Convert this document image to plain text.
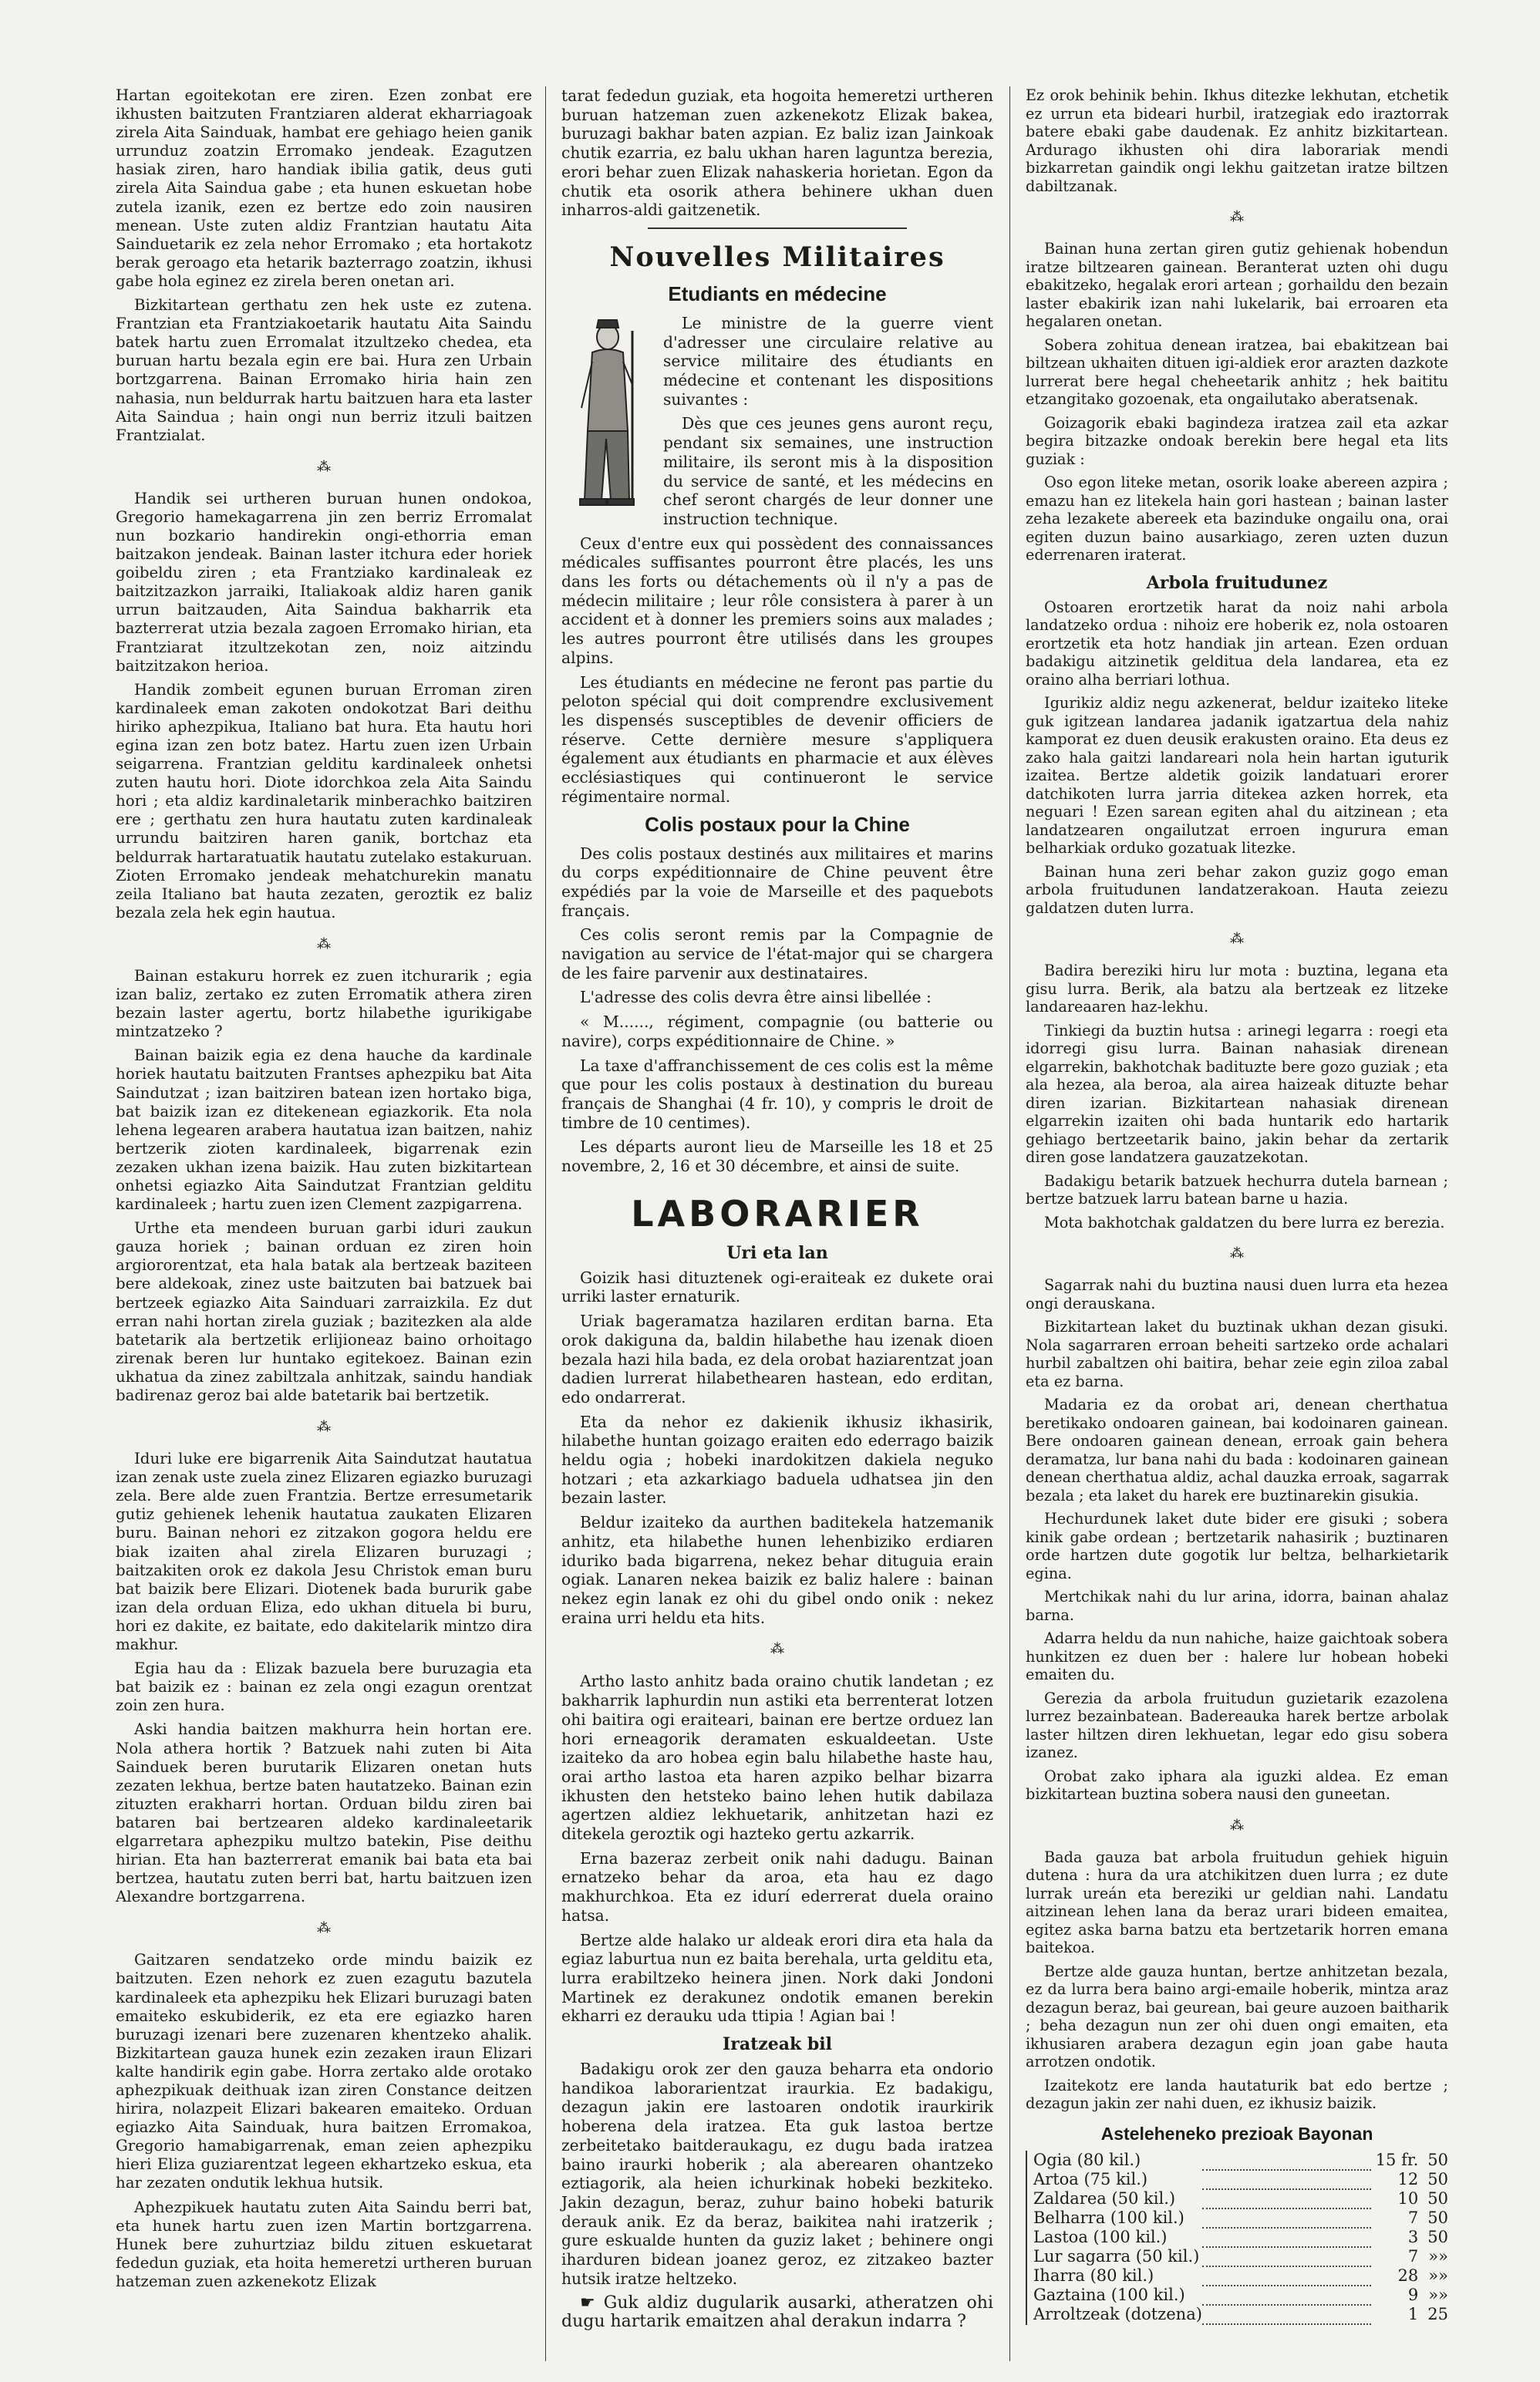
Hartan egoitekotan ere ziren. Ezen zonbat ere ikhusten baitzuten Frantziaren alderat ekharriagoak zirela Aita Sainduak, hambat ere gehiago heien ganik urrunduz zoatzin Erromako jendeak. Ezagutzen hasiak ziren, haro handiak ibilia gatik, deus guti zirela Aita Saindua gabe ; eta hunen eskuetan hobe zutela izanik, ezen ez bertze edo zoin nausiren menean. Uste zuten aldiz Frantzian hautatu Aita Sainduetarik ez zela nehor Erromako ; eta hortakotz berak geroago eta hetarik bazterrago zoatzin, ikhusi gabe hola eginez ez zirela beren onetan ari.

Bizkitartean gerthatu zen hek uste ez zutena. Frantzian eta Frantziakoetarik hautatu Aita Saindu batek hartu zuen Erromalat itzultzeko chedea, eta buruan hartu bezala egin ere bai. Hura zen Urbain bortzgarrena. Bainan Erromako hiria hain zen nahasia, nun beldurrak hartu baitzuen hara eta laster Aita Saindua ; hain ongi nun berriz itzuli baitzen Frantzialat.

⁂

Handik sei urtheren buruan hunen ondokoa, Gregorio hamekagarrena jin zen berriz Erromalat nun bozkario handirekin ongi-ethorria eman baitzakon jendeak. Bainan laster itchura eder horiek goibeldu ziren ; eta Frantziako kardinaleak ez baitzitzazkon jarraiki, Italiakoak aldiz haren ganik urrun baitzauden, Aita Saindua bakharrik eta bazterrerat utzia bezala zagoen Erromako hirian, eta Frantziarat itzultzekotan zen, noiz aitzindu baitzitzakon herioa.

Handik zombeit egunen buruan Erroman ziren kardinaleek eman zakoten ondokotzat Bari deithu hiriko aphezpikua, Italiano bat hura. Eta hautu hori egina izan zen botz batez. Hartu zuen izen Urbain seigarrena. Frantzian gelditu kardinaleek onhetsi zuten hautu hori. Diote idorchkoa zela Aita Saindu hori ; eta aldiz kardinaletarik minberachko baitziren ere ; gerthatu zen hura hautatu zuten kardinaleak urrundu baitziren haren ganik, bortchaz eta beldurrak hartaratuatik hautatu zutelako estakuruan. Zioten Erromako jendeak mehatchurekin manatu zeila Italiano bat hauta zezaten, geroztik ez baliz bezala zela hek egin hautua.

⁂

Bainan estakuru horrek ez zuen itchurarik ; egia izan baliz, zertako ez zuten Erromatik athera ziren bezain laster agertu, bortz hilabethe igurikigabe mintzatzeko ?

Bainan baizik egia ez dena hauche da kardinale horiek hautatu baitzuten Frantses aphezpiku bat Aita Saindutzat ; izan baitziren batean izen hortako biga, bat baizik izan ez ditekenean egiazkorik. Eta nola lehena legearen arabera hautatua izan baitzen, nahiz bertzerik zioten kardinaleek, bigarrenak ezin zezaken ukhan izena baizik. Hau zuten bizkitartean onhetsi egiazko Aita Saindutzat Frantzian gelditu kardinaleek ; hartu zuen izen Clement zazpigarrena.

Urthe eta mendeen buruan garbi iduri zaukun gauza horiek ; bainan orduan ez ziren hoin argiororentzat, eta hala batak ala bertzeak baziteen bere aldekoak, zinez uste baitzuten bai batzuek bai bertzeek egiazko Aita Sainduari zarraizkila. Ez dut erran nahi hortan zirela guziak ; bazitezken ala alde batetarik ala bertzetik erlijioneaz baino orhoitago zirenak beren lur huntako egitekoez. Bainan ezin ukhatua da zinez zabiltzala anhitzak, saindu handiak badirenaz geroz bai alde batetarik bai bertzetik.

⁂

Iduri luke ere bigarrenik Aita Saindutzat hautatua izan zenak uste zuela zinez Elizaren egiazko buruzagi zela. Bere alde zuen Frantzia. Bertze erresumetarik gutiz gehienek lehenik hautatua zaukaten Elizaren buru. Bainan nehori ez zitzakon gogora heldu ere biak izaiten ahal zirela Elizaren buruzagi ; baitzakiten orok ez dakola Jesu Christok eman buru bat baizik bere Elizari. Diotenek bada bururik gabe izan dela orduan Eliza, edo ukhan dituela bi buru, hori ez dakite, ez baitate, edo dakitelarik mintzo dira makhur.

Egia hau da : Elizak bazuela bere buruzagia eta bat baizik ez : bainan ez zela ongi ezagun orentzat zoin zen hura.

Aski handia baitzen makhurra hein hortan ere. Nola athera hortik ? Batzuek nahi zuten bi Aita Sainduek beren burutarik Elizaren onetan huts zezaten lekhua, bertze baten hautatzeko. Bainan ezin zituzten erakharri hortan. Orduan bildu ziren bai bataren bai bertzearen aldeko kardinaleetarik elgarretara aphezpiku multzo batekin, Pise deithu hirian. Eta han bazterrerat emanik bai bata eta bai bertzea, hautatu zuten berri bat, hartu baitzuen izen Alexandre bortzgarrena.

⁂

Gaitzaren sendatzeko orde mindu baizik ez baitzuten. Ezen nehork ez zuen ezagutu bazutela kardinaleek eta aphezpiku hek Elizari buruzagi baten emaiteko eskubiderik, ez eta ere egiazko haren buruzagi izenari bere zuzenaren khentzeko ahalik. Bizkitartean gauza hunek ezin zezaken iraun Elizari kalte handirik egin gabe. Horra zertako alde orotako aphezpikuak deithuak izan ziren Constance deitzen hirira, nolazpeit Elizari bakearen emaiteko. Orduan egiazko Aita Sainduak, hura baitzen Erromakoa, Gregorio hamabigarrenak, eman zeien aphezpiku hieri Eliza guziarentzat legeen ekhartzeko eskua, eta har zezaten ondutik lekhua hutsik.

Aphezpikuek hautatu zuten Aita Saindu berri bat, eta hunek hartu zuen izen Martin bortzgarrena. Hunek bere zuhurtziaz bildu zituen eskuetarat fededun guziak, eta hoita hemeretzi urtheren buruan hatzeman zuen azkenekotz Elizak

tarat fededun guziak, eta hogoita hemeretzi urtheren buruan hatzeman zuen azkenekotz Elizak bakea, buruzagi bakhar baten azpian. Ez baliz izan Jainkoak chutik ezarria, ez balu ukhan haren laguntza berezia, erori behar zuen Elizak nahaskeria horietan. Egon da chutik eta osorik athera behinere ukhan duen inharros-aldi gaitzenetik.

Nouvelles Militaires
Etudiants en médecine

Le ministre de la guerre vient d'adresser une circulaire relative au service militaire des étudiants en médecine et contenant les dispositions suivantes :

Dès que ces jeunes gens auront reçu, pendant six semaines, une instruction militaire, ils seront mis à la disposition du service de santé, et les médecins en chef seront chargés de leur donner une instruction technique.

Ceux d'entre eux qui possèdent des connaissances médicales suffisantes pourront être placés, les uns dans les forts ou détachements où il n'y a pas de médecin militaire ; leur rôle consistera à parer à un accident et à donner les premiers soins aux malades ; les autres pourront être utilisés dans les groupes alpins.

Les étudiants en médecine ne feront pas partie du peloton spécial qui doit comprendre exclusivement les dispensés susceptibles de devenir officiers de réserve. Cette dernière mesure s'appliquera également aux étudiants en pharmacie et aux élèves ecclésiastiques qui continueront le service régimentaire normal.

Colis postaux pour la Chine

Des colis postaux destinés aux militaires et marins du corps expéditionnaire de Chine peuvent être expédiés par la voie de Marseille et des paquebots français.

Ces colis seront remis par la Compagnie de navigation au service de l'état-major qui se chargera de les faire parvenir aux destinataires.

L'adresse des colis devra être ainsi libellée :

« M......, régiment, compagnie (ou batterie ou navire), corps expéditionnaire de Chine. »

La taxe d'affranchissement de ces colis est la même que pour les colis postaux à destination du bureau français de Shanghai (4 fr. 10), y compris le droit de timbre de 10 centimes).

Les départs auront lieu de Marseille les 18 et 25 novembre, 2, 16 et 30 décembre, et ainsi de suite.

LABORARIER
Uri eta lan

Goizik hasi dituztenek ogi-eraiteak ez dukete orai urriki laster ernaturik.

Uriak bageramatza hazilaren erditan barna. Eta orok dakiguna da, baldin hilabethe hau izenak dioen bezala hazi hila bada, ez dela orobat haziarentzat joan dadien lurrerat hilabethearen hastean, edo erditan, edo ondarrerat.

Eta da nehor ez dakienik ikhusiz ikhasirik, hilabethe huntan goizago eraiten edo ederrago baizik heldu ogia ; hobeki inardokitzen dakiela neguko hotzari ; eta azkarkiago baduela udhatsea jin den bezain laster.

Beldur izaiteko da aurthen baditekela hatzemanik anhitz, eta hilabethe hunen lehenbiziko erdiaren iduriko bada bigarrena, nekez behar dituguia erain ogiak. Lanaren nekea baizik ez baliz halere : bainan nekez egin lanak ez ohi du gibel ondo onik : nekez eraina urri heldu eta hits.

⁂

Artho lasto anhitz bada oraino chutik landetan ; ez bakharrik laphurdin nun astiki eta berrenterat lotzen ohi baitira ogi eraiteari, bainan ere bertze orduez lan hori erneagorik deramaten eskualdeetan. Uste izaiteko da aro hobea egin balu hilabethe haste hau, orai artho lastoa eta haren azpiko belhar bizarra ikhusten den hetsteko baino lehen hutik dabilaza agertzen aldiez lekhuetarik, anhitzetan hazi ez ditekela geroztik ogi hazteko gertu azkarrik.

Erna bazeraz zerbeit onik nahi dadugu. Bainan ernatzeko behar da aroa, eta hau ez dago makhurchkoa. Eta ez idurí ederrerat duela oraino hatsa.

Bertze alde halako ur aldeak erori dira eta hala da egiaz laburtua nun ez baita berehala, urta gelditu eta, lurra erabiltzeko heinera jinen. Nork daki Jondoni Martinek ez derakunez ondotik emanen berekin ekharri ez derauku uda ttipia ! Agian bai !

Iratzeak bil

Badakigu orok zer den gauza beharra eta ondorio handikoa laborarientzat iraurkia. Ez badakigu, dezagun jakin ere lastoaren ondotik iraurkirik hoberena dela iratzea. Eta guk lastoa bertze zerbeitetako baitderaukagu, ez dugu bada iratzea baino iraurki hoberik ; ala aberearen ohantzeko eztiagorik, ala heien ichurkinak hobeki bezkiteko. Jakin dezagun, beraz, zuhur baino hobeki baturik derauk anik. Ez da beraz, baikitea nahi iratzerik ; gure eskualde hunten da guziz laket ; behinere ongi iharduren bidean joanez geroz, ez zitzakeo bazter hutsik iratze heltzeko.

☛ Guk aldiz dugularik ausarki, atheratzen ohi dugu hartarik emaitzen ahal derakun indarra ?

Ez orok behinik behin. Ikhus ditezke lekhutan, etchetik ez urrun eta bideari hurbil, iratzegiak edo iraztorrak batere ebaki gabe daudenak. Ez anhitz bizkitartean. Ardurago ikhusten ohi dira laborariak mendi bizkarretan gaindik ongi lekhu gaitzetan iratze biltzen dabiltzanak.

⁂

Bainan huna zertan giren gutiz gehienak hobendun iratze biltzearen gainean. Beranterat uzten ohi dugu ebakitzeko, hegalak erori artean ; gorhaildu den bezain laster ebakirik izan nahi lukelarik, bai erroaren eta hegalaren onetan.

Sobera zohitua denean iratzea, bai ebakitzean bai biltzean ukhaiten dituen igi-aldiek eror arazten dazkote lurrerat bere hegal cheheetarik anhitz ; hek baititu etzangitako gozoenak, eta ongailutako aberatsenak.

Goizagorik ebaki bagindeza iratzea zail eta azkar begira bitzazke ondoak berekin bere hegal eta lits guziak :

Oso egon liteke metan, osorik loake abereen azpira ; emazu han ez litekela hain gori hastean ; bainan laster zeha lezakete abereek eta bazinduke ongailu ona, orai egiten duzun baino ausarkiago, zeren uzten duzun ederrenaren iraterat.

Arbola fruitudunez

Ostoaren erortzetik harat da noiz nahi arbola landatzeko ordua : nihoiz ere hoberik ez, nola ostoaren erortzetik eta hotz handiak jin artean. Ezen orduan badakigu aitzinetik gelditua dela landarea, eta ez oraino alha berriari lothua.

Igurikiz aldiz negu azkenerat, beldur izaiteko liteke guk igitzean landarea jadanik igatzartua dela nahiz kamporat ez duen deusik erakusten oraino. Eta deus ez zako hala gaitzi landareari nola hein hartan iguturik izaitea. Bertze aldetik goizik landatuari erorer datchikoten lurra jarria ditekea azken horrek, eta neguari ! Ezen sarean egiten ahal du aitzinean ; eta landatzearen ongailutzat erroen ingurura eman belharkiak orduko gozatuak litezke.

Bainan huna zeri behar zakon guziz gogo eman arbola fruitudunen landatzerakoan. Hauta zeiezu galdatzen duten lurra.

⁂

Badira bereziki hiru lur mota : buztina, legana eta gisu lurra. Berik, ala batzu ala bertzeak ez litzeke landareaaren haz-lekhu.

Tinkiegi da buztin hutsa : arinegi legarra : roegi eta idorregi gisu lurra. Bainan nahasiak direnean elgarrekin, bakhotchak badituzte bere gozo guziak ; eta ala hezea, ala beroa, ala airea haizeak dituzte behar diren izarian. Bizkitartean nahasiak direnean elgarrekin izaiten ohi bada huntarik edo hartarik gehiago bertzeetarik baino, jakin behar da zertarik diren gose landatzera gauzatzekotan.

Badakigu betarik batzuek hechurra dutela barnean ; bertze batzuek larru batean barne u hazia.

Mota bakhotchak galdatzen du bere lurra ez berezia.

⁂

Sagarrak nahi du buztina nausi duen lurra eta hezea ongi derauskana.

Bizkitartean laket du buztinak ukhan dezan gisuki. Nola sagarraren erroan beheiti sartzeko orde achalari hurbil zabaltzen ohi baitira, behar zeie egin ziloa zabal eta ez barna.

Madaria ez da orobat ari, denean cherthatua beretikako ondoaren gainean, bai kodoinaren gainean. Bere ondoaren gainean denean, erroak gain behera deramatza, lur bana nahi du bada : kodoinaren gainean denean cherthatua aldiz, achal dauzka erroak, sagarrak bezala ; eta laket du harek ere buztinarekin gisukia.

Hechurdunek laket dute bider ere gisuki ; sobera kinik gabe ordean ; bertzetarik nahasirik ; buztinaren orde hartzen dute gogotik lur beltza, belharkietarik egina.

Mertchikak nahi du lur arina, idorra, bainan ahalaz barna.

Adarra heldu da nun nahiche, haize gaichtoak sobera hunkitzen ez duen ber : halere lur hobean hobeki emaiten du.

Gerezia da arbola fruitudun guzietarik ezazolena lurrez bezainbatean. Badereauka harek bertze arbolak laster hiltzen diren lekhuetan, legar edo gisu sobera izanez.

Orobat zako iphara ala iguzki aldea. Ez eman bizkitartean buztina sobera nausi den guneetan.

⁂

Bada gauza bat arbola fruitudun gehiek higuin dutena : hura da ura atchikitzen duen lurra ; ez dute lurrak ureán eta bereziki ur geldian nahi. Landatu aitzinean lehen lana da beraz urari bideen emaitea, egitez aska barna batzu eta bertzetarik horren emana baitekoa.

Bertze alde gauza huntan, bertze anhitzetan bezala, ez da lurra bera baino argi-emaile hoberik, mintza araz dezagun beraz, bai geurean, bai geure auzoen baitharik ; beha dezagun nun zer ohi duen ongi emaiten, eta ikhusiaren arabera dezagun egin joan gabe hauta arrotzen ondotik.

Izaitekotz ere landa hautaturik bat edo bertze ; dezagun jakin zer nahi duen, ez ikhusiz baizik.

Asteleheneko prezioak Bayonan
Ogia (80 kil.)		15 fr.	50
Artoa (75 kil.)		12	50
Zaldarea (50 kil.)		10	50
Belharra (100 kil.)		7	50
Lastoa (100 kil.)		3	50
Lur sagarra (50 kil.)		7	»»
Iharra (80 kil.)		28	»»
Gaztaina (100 kil.)		9	»»
Arroltzeak (dotzena)		1	25
